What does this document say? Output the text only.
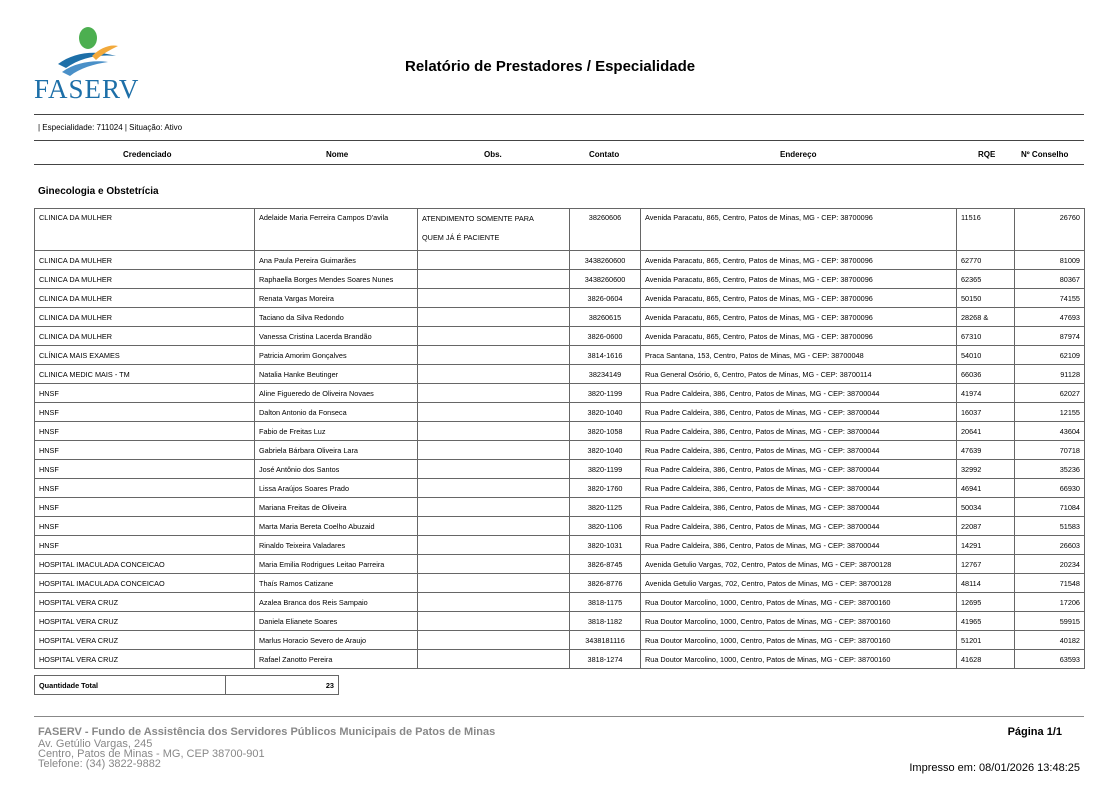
FASERV
Relatório de Prestadores / Especialidade
| Especialidade: 711024 | Situação: Ativo
Credenciado	Nome	Obs.	Contato	Endereço	RQE	Nº Conselho
Ginecologia e Obstetrícia
CLINICA DA MULHER	Adelaide Maria Ferreira Campos D'avila	ATENDIMENTO SOMENTE PARA
QUEM JÁ É PACIENTE	38260606	Avenida Paracatu, 865, Centro, Patos de Minas, MG - CEP: 38700096	11516	26760
CLINICA DA MULHER	Ana Paula Pereira Guimarães		3438260600	Avenida Paracatu, 865, Centro, Patos de Minas, MG - CEP: 38700096	62770	81009
CLINICA DA MULHER	Raphaella Borges Mendes Soares Nunes		3438260600	Avenida Paracatu, 865, Centro, Patos de Minas, MG - CEP: 38700096	62365	80367
CLINICA DA MULHER	Renata Vargas Moreira		3826-0604	Avenida Paracatu, 865, Centro, Patos de Minas, MG - CEP: 38700096	50150	74155
CLINICA DA MULHER	Taciano da Silva Redondo		38260615	Avenida Paracatu, 865, Centro, Patos de Minas, MG - CEP: 38700096	28268 &	47693
CLINICA DA MULHER	Vanessa Cristina Lacerda Brandão		3826-0600	Avenida Paracatu, 865, Centro, Patos de Minas, MG - CEP: 38700096	67310	87974
CLÍNICA MAIS EXAMES	Patricia Amorim Gonçalves		3814-1616	Praca Santana, 153, Centro, Patos de Minas, MG - CEP: 38700048	54010	62109
CLINICA MEDIC MAIS - TM	Natalia Hanke Beutinger		38234149	Rua General Osório, 6, Centro, Patos de Minas, MG - CEP: 38700114	66036	91128
HNSF	Aline Figueredo de Oliveira Novaes		3820-1199	Rua Padre Caldeira, 386, Centro, Patos de Minas, MG - CEP: 38700044	41974	62027
HNSF	Dalton Antonio da Fonseca		3820-1040	Rua Padre Caldeira, 386, Centro, Patos de Minas, MG - CEP: 38700044	16037	12155
HNSF	Fabio de Freitas Luz		3820-1058	Rua Padre Caldeira, 386, Centro, Patos de Minas, MG - CEP: 38700044	20641	43604
HNSF	Gabriela Bárbara Oliveira Lara		3820-1040	Rua Padre Caldeira, 386, Centro, Patos de Minas, MG - CEP: 38700044	47639	70718
HNSF	José Antônio dos Santos		3820-1199	Rua Padre Caldeira, 386, Centro, Patos de Minas, MG - CEP: 38700044	32992	35236
HNSF	Lissa Araújos Soares Prado		3820-1760	Rua Padre Caldeira, 386, Centro, Patos de Minas, MG - CEP: 38700044	46941	66930
HNSF	Mariana Freitas de Oliveira		3820-1125	Rua Padre Caldeira, 386, Centro, Patos de Minas, MG - CEP: 38700044	50034	71084
HNSF	Marta Maria Bereta Coelho Abuzaid		3820-1106	Rua Padre Caldeira, 386, Centro, Patos de Minas, MG - CEP: 38700044	22087	51583
HNSF	Rinaldo Teixeira Valadares		3820-1031	Rua Padre Caldeira, 386, Centro, Patos de Minas, MG - CEP: 38700044	14291	26603
HOSPITAL IMACULADA CONCEICAO	Maria Emilia Rodrigues Leitao Parreira		3826-8745	Avenida Getulio Vargas, 702, Centro, Patos de Minas, MG - CEP: 38700128	12767	20234
HOSPITAL IMACULADA CONCEICAO	Thaís Ramos Catizane		3826-8776	Avenida Getulio Vargas, 702, Centro, Patos de Minas, MG - CEP: 38700128	48114	71548
HOSPITAL VERA CRUZ	Azalea Branca dos Reis Sampaio		3818-1175	Rua Doutor Marcolino, 1000, Centro, Patos de Minas, MG - CEP: 38700160	12695	17206
HOSPITAL VERA CRUZ	Daniela Elianete Soares		3818-1182	Rua Doutor Marcolino, 1000, Centro, Patos de Minas, MG - CEP: 38700160	41965	59915
HOSPITAL VERA CRUZ	Marlus Horacio Severo de Araujo		3438181116	Rua Doutor Marcolino, 1000, Centro, Patos de Minas, MG - CEP: 38700160	51201	40182
HOSPITAL VERA CRUZ	Rafael Zanotto Pereira		3818-1274	Rua Doutor Marcolino, 1000, Centro, Patos de Minas, MG - CEP: 38700160	41628	63593
Quantidade Total	23
FASERV - Fundo de Assistência dos Servidores Públicos Municipais de Patos de Minas
Av. Getúlio Vargas, 245
Centro, Patos de Minas - MG, CEP 38700-901
Telefone: (34) 3822-9882
Página 1/1
Impresso em: 08/01/2026 13:48:25
